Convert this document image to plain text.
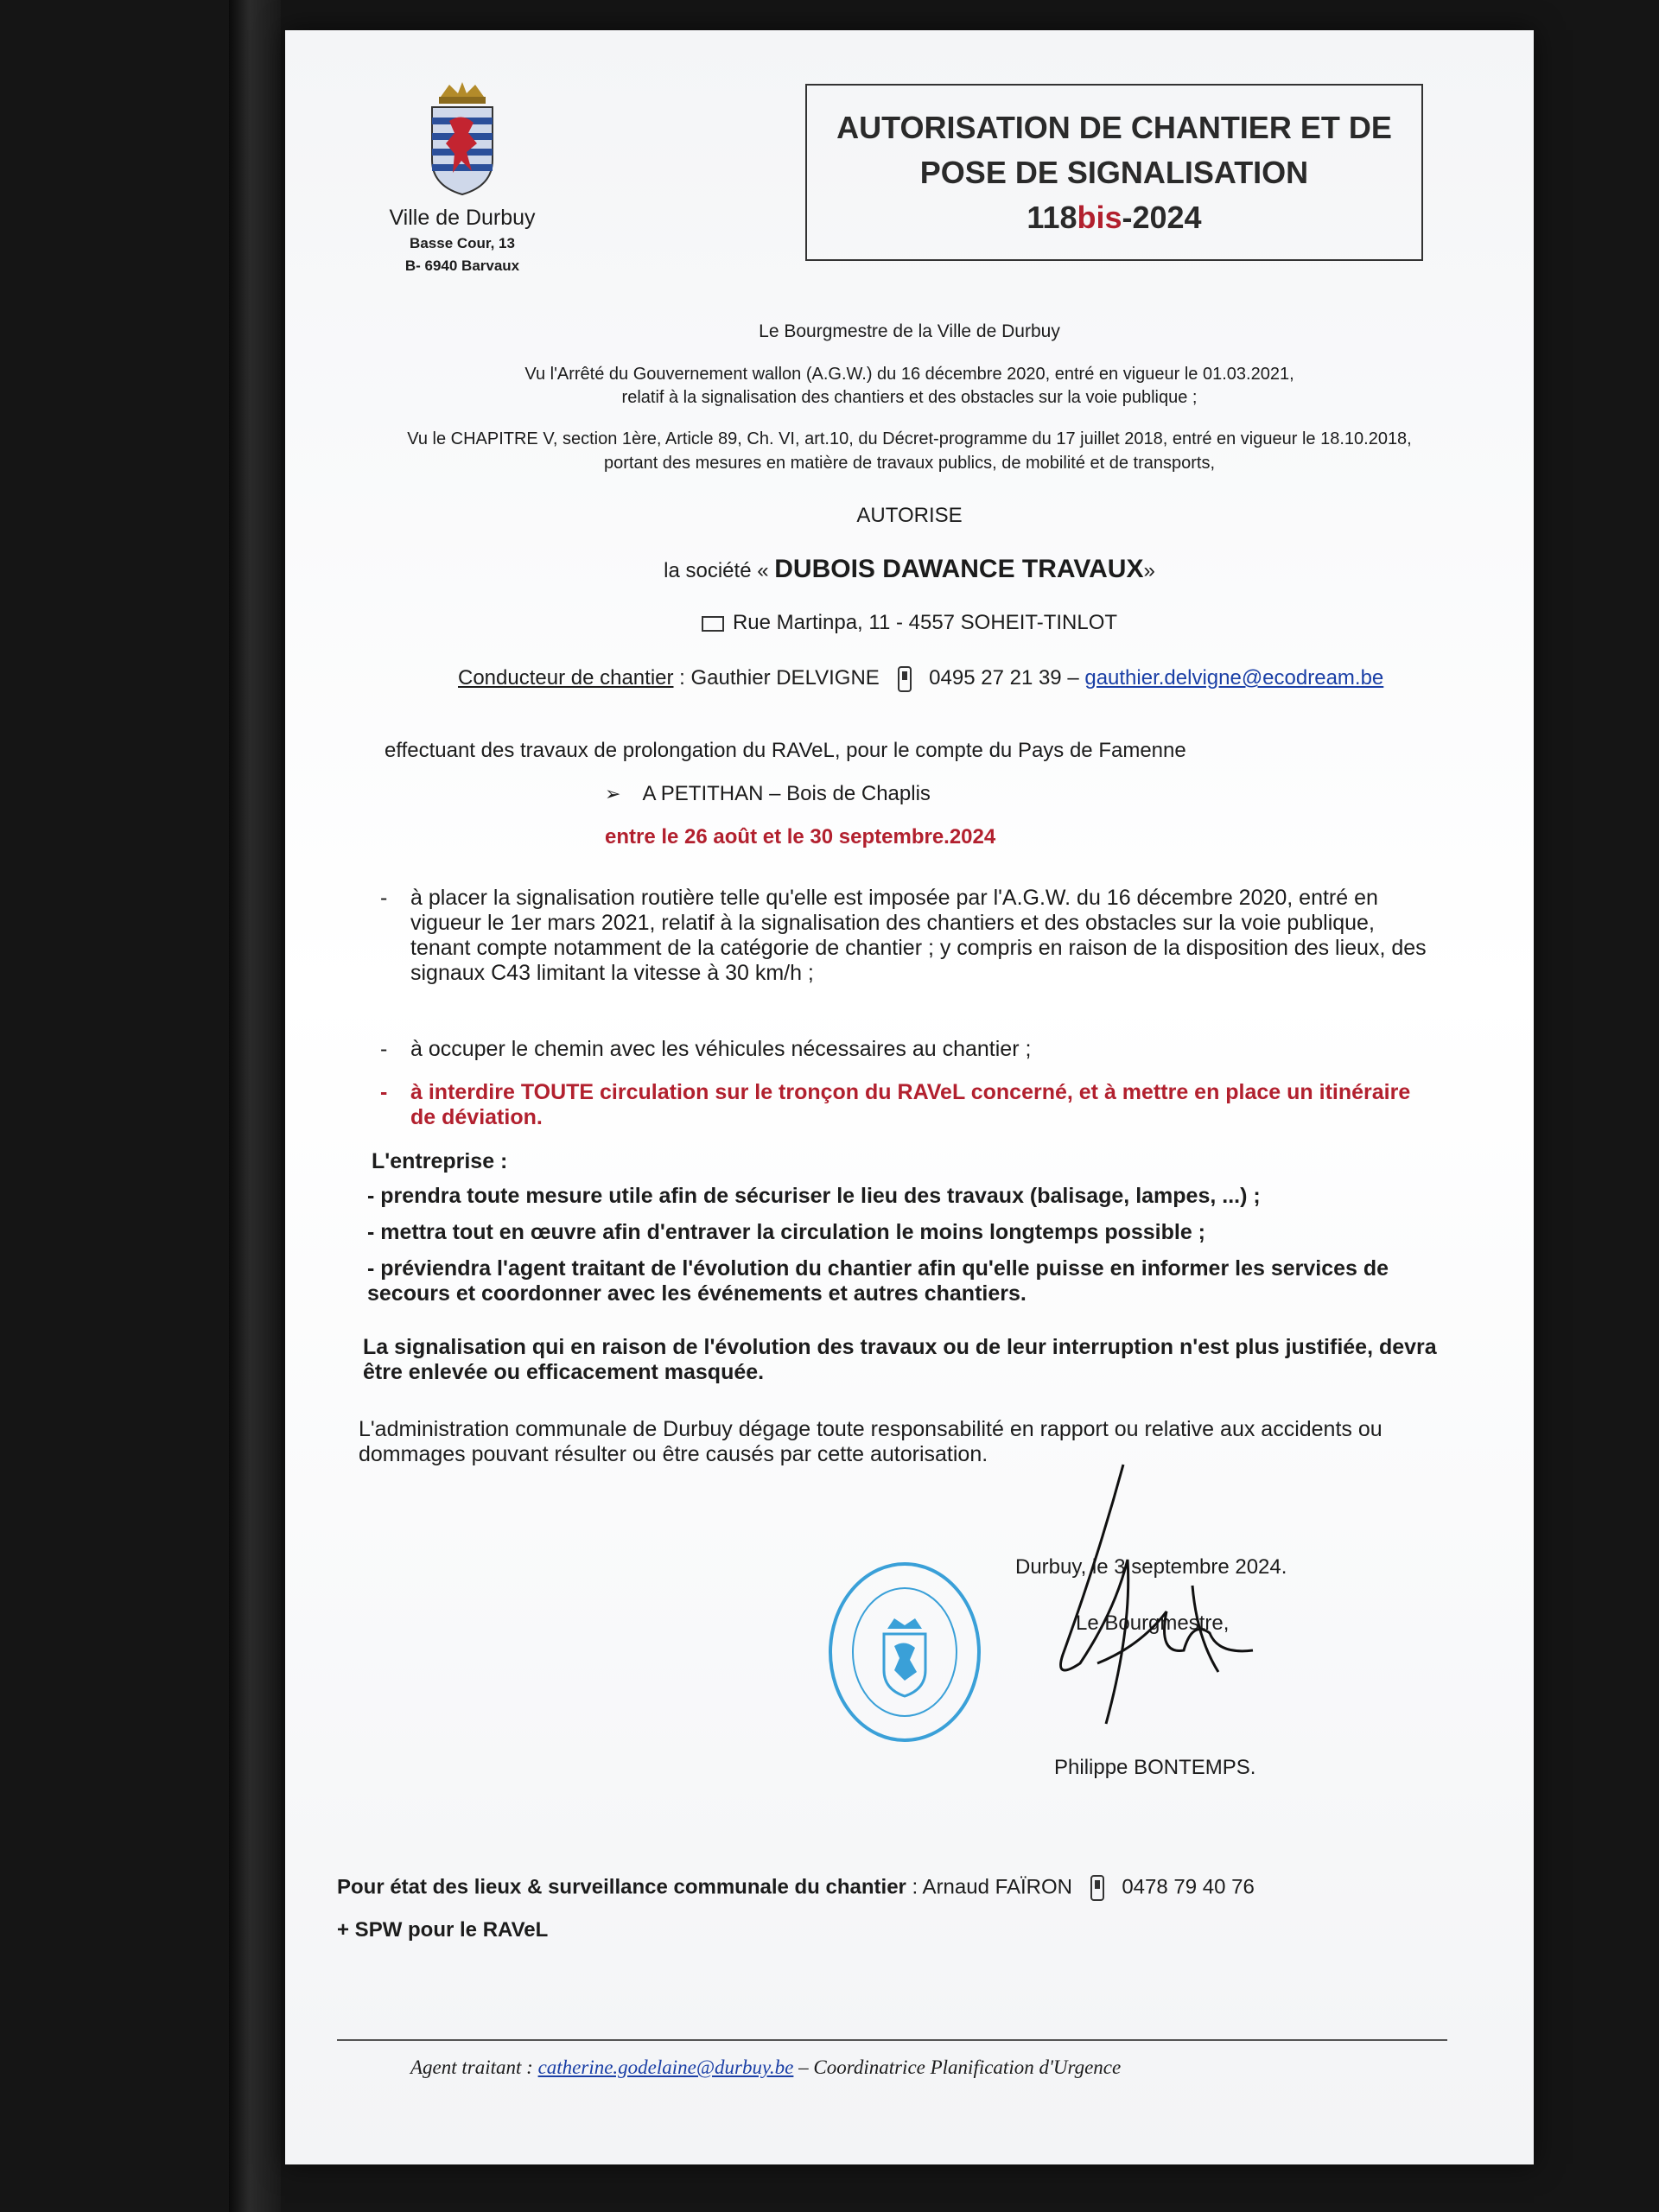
Ville de Durbuy
Basse Cour, 13
B- 6940 Barvaux
AUTORISATION DE CHANTIER ET DE
POSE DE SIGNALISATION
118bis-2024
Le Bourgmestre de la Ville de Durbuy
Vu l'Arrêté du Gouvernement wallon (A.G.W.) du 16 décembre 2020, entré en vigueur le 01.03.2021,
relatif à la signalisation des chantiers et des obstacles sur la voie publique ;
Vu le CHAPITRE V, section 1ère, Article 89, Ch. VI, art.10, du Décret-programme du 17 juillet 2018, entré en vigueur le 18.10.2018,
portant des mesures en matière de travaux publics, de mobilité et de transports,
AUTORISE
la société « DUBOIS DAWANCE TRAVAUX»
Rue Martinpa, 11 - 4557 SOHEIT-TINLOT
Conducteur de chantier : Gauthier DELVIGNE 0495 27 21 39 – gauthier.delvigne@ecodream.be
effectuant des travaux de prolongation du RAVeL, pour le compte du Pays de Famenne
➢ A PETITHAN – Bois de Chaplis
entre le 26 août et le 30 septembre.2024
- à placer la signalisation routière telle qu'elle est imposée par l'A.G.W. du 16 décembre 2020, entré en vigueur le 1er mars 2021, relatif à la signalisation des chantiers et des obstacles sur la voie publique, tenant compte notamment de la catégorie de chantier ; y compris en raison de la disposition des lieux, des signaux C43 limitant la vitesse à 30 km/h ;
- à occuper le chemin avec les véhicules nécessaires au chantier ;
- à interdire TOUTE circulation sur le tronçon du RAVeL concerné, et à mettre en place un itinéraire de déviation.
L'entreprise :
- prendra toute mesure utile afin de sécuriser le lieu des travaux (balisage, lampes, ...) ;
- mettra tout en œuvre afin d'entraver la circulation le moins longtemps possible ;
- préviendra l'agent traitant de l'évolution du chantier afin qu'elle puisse en informer les services de secours et coordonner avec les événements et autres chantiers.
La signalisation qui en raison de l'évolution des travaux ou de leur interruption n'est plus justifiée, devra être enlevée ou efficacement masquée.
L'administration communale de Durbuy dégage toute responsabilité en rapport ou relative aux accidents ou dommages pouvant résulter ou être causés par cette autorisation.
Durbuy, le 3 septembre 2024.
Le Bourgmestre,
Philippe BONTEMPS.
Pour état des lieux & surveillance communale du chantier : Arnaud FAÏRON 0478 79 40 76
+ SPW pour le RAVeL
Agent traitant : catherine.godelaine@durbuy.be – Coordinatrice Planification d'Urgence
